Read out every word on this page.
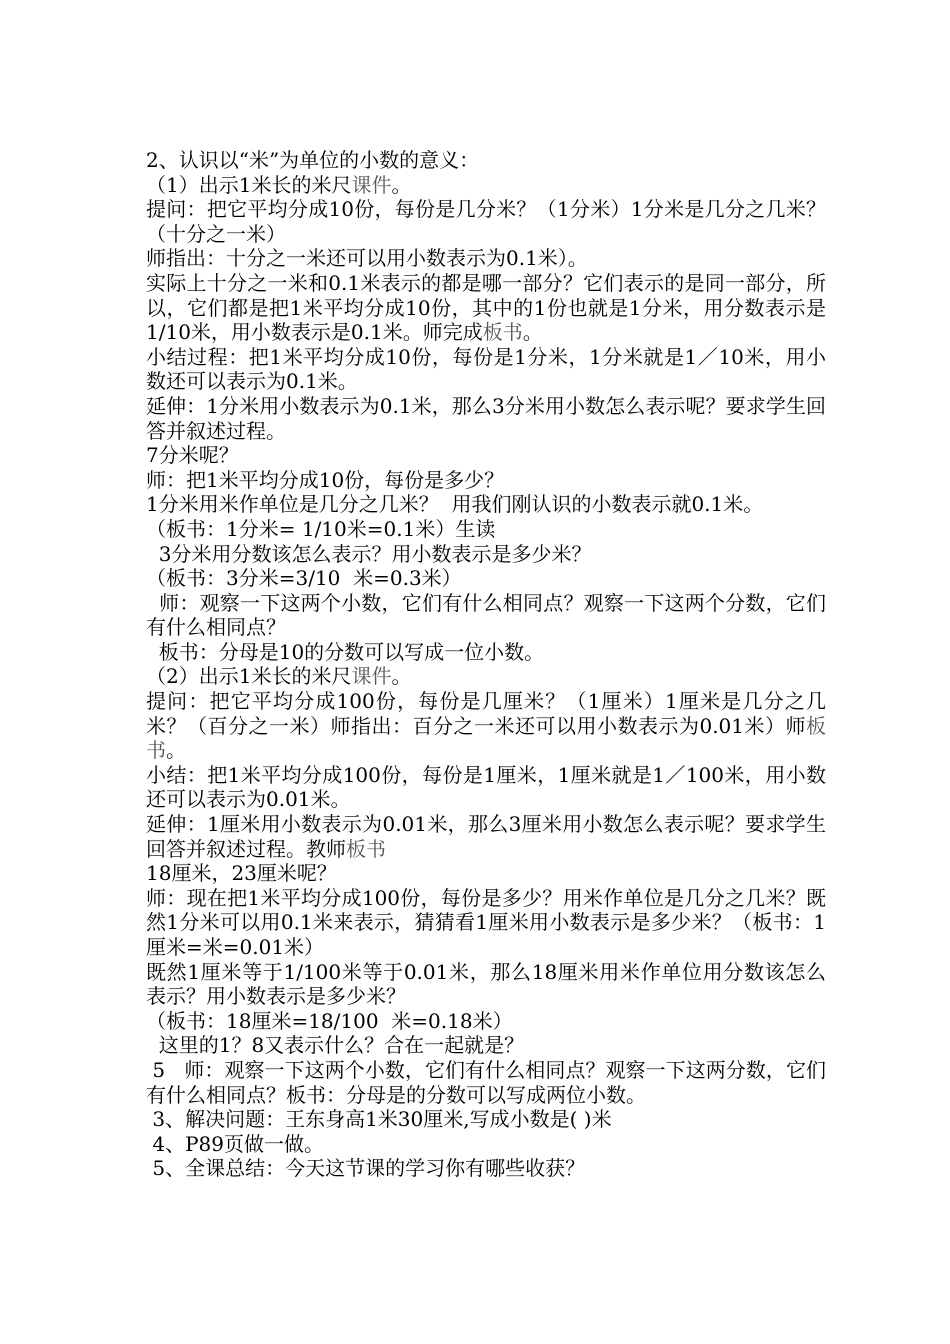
2、认识以“米”为单位的小数的意义：

（1）出示1米长的米尺课件。

提问：把它平均分成10份，每份是几分米？（1分米）1分米是几分之几米？（十分之一米）

师指出：十分之一米还可以用小数表示为0.1米）。

实际上十分之一米和0.1米表示的都是哪一部分？它们表示的是同一部分，所以，它们都是把1米平均分成10份，其中的1份也就是1分米，用分数表示是1/10米，用小数表示是0.1米。师完成板书。

小结过程：把1米平均分成10份，每份是1分米，1分米就是1／10米，用小数还可以表示为0.1米。

延伸：1分米用小数表示为0.1米，那么3分米用小数怎么表示呢？要求学生回答并叙述过程。

7分米呢？

师：把1米平均分成10份，每份是多少？

1分米用米作单位是几分之几米？  用我们刚认识的小数表示就0.1米。

（板书：1分米= 1/10米=0.1米）生读

3分米用分数该怎么表示？用小数表示是多少米？

（板书：3分米=3/10  米=0.3米）

师：观察一下这两个小数，它们有什么相同点？观察一下这两个分数，它们有什么相同点？

板书：分母是10的分数可以写成一位小数。

（2）出示1米长的米尺课件。

提问：把它平均分成100份，每份是几厘米？（1厘米）1厘米是几分之几米？（百分之一米）师指出：百分之一米还可以用小数表示为0.01米）师板书。

小结：把1米平均分成100份，每份是1厘米，1厘米就是1／100米，用小数还可以表示为0.01米。

延伸：1厘米用小数表示为0.01米，那么3厘米用小数怎么表示呢？要求学生回答并叙述过程。教师板书

18厘米，23厘米呢？

师：现在把1米平均分成100份，每份是多少？用米作单位是几分之几米？既然1分米可以用0.1米来表示，猜猜看1厘米用小数表示是多少米？（板书：1厘米=米=0.01米）

既然1厘米等于1/100米等于0.01米，那么18厘米用米作单位用分数该怎么表示？用小数表示是多少米？

（板书：18厘米=18/100  米=0.18米）

这里的1？8又表示什么？合在一起就是？

5   师：观察一下这两个小数，它们有什么相同点？观察一下这两分数，它们有什么相同点？板书：分母是的分数可以写成两位小数。

3、解决问题：王东身高1米30厘米,写成小数是( )米

4、P89页做一做。

5、全课总结：今天这节课的学习你有哪些收获？
